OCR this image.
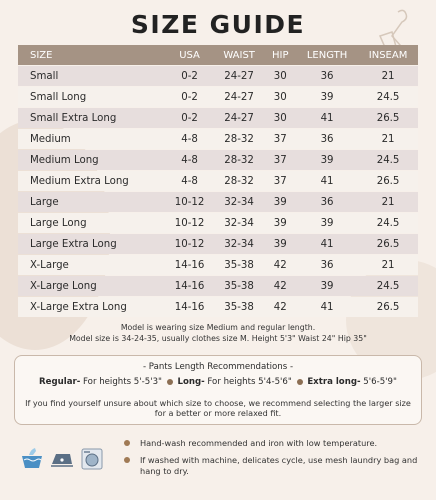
SIZE GUIDE
SIZE	USA	WAIST	HIP	LENGTH	INSEAM
Small	0-2	24-27	30	36	21
Small Long	0-2	24-27	30	39	24.5
Small Extra Long	0-2	24-27	30	41	26.5
Medium	4-8	28-32	37	36	21
Medium Long	4-8	28-32	37	39	24.5
Medium Extra Long	4-8	28-32	37	41	26.5
Large	10-12	32-34	39	36	21
Large Long	10-12	32-34	39	39	24.5
Large Extra Long	10-12	32-34	39	41	26.5
X-Large	14-16	35-38	42	36	21
X-Large Long	14-16	35-38	42	39	24.5
X-Large Extra Long	14-16	35-38	42	41	26.5
Model is wearing size Medium and regular length.
Model size is 34-24-35, usually clothes size M. Height 5'3" Waist 24" Hip 35"
- Pants Length Recommendations -
Regular- For heights 5'-5'3" Long- For heights 5'4-5'6" Extra long- 5'6-5'9"
If you find yourself unsure about which size to choose, we recommend selecting the larger size for a better or more relaxed fit.
Hand-wash recommended and iron with low temperature.
If washed with machine, delicates cycle, use mesh laundry bag and hang to dry.
